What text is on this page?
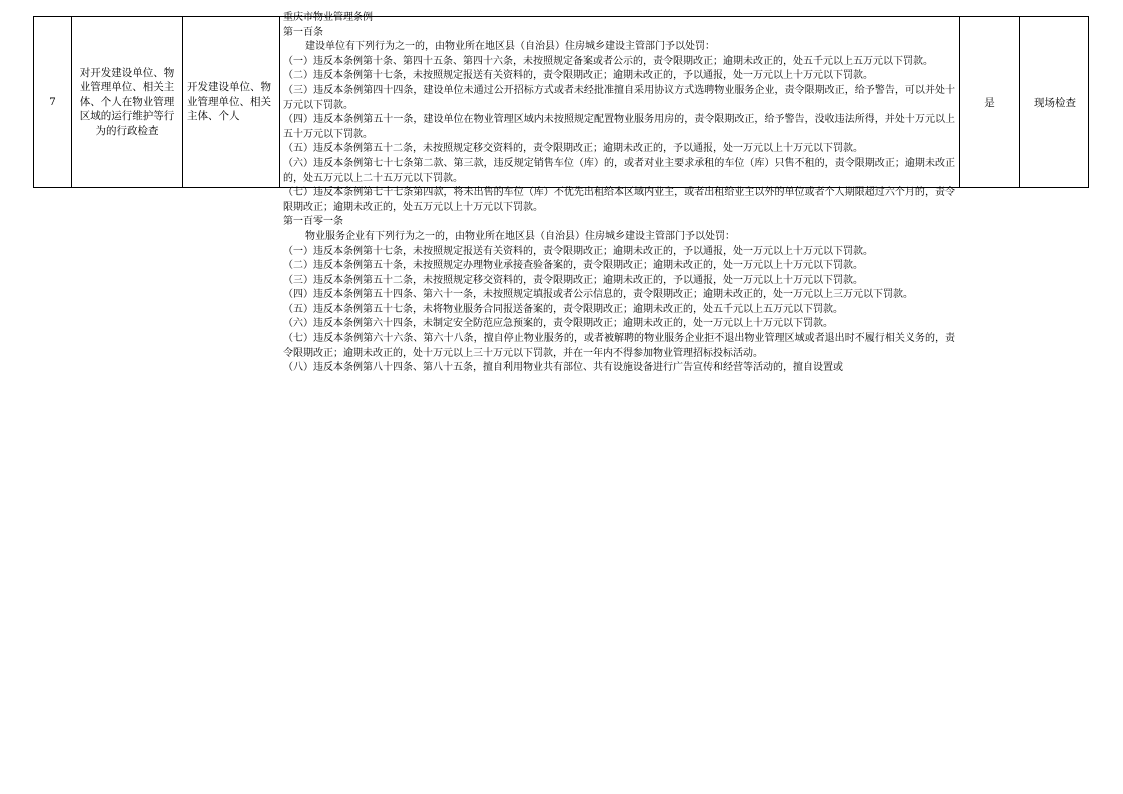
7
对开发建设单位、物业管理单位、相关主体、个人在物业管理区域的运行维护等行为的行政检查
开发建设单位、物业管理单位、相关主体、个人

重庆市物业管理条例

第一百条

　建设单位有下列行为之一的，由物业所在地区县（自治县）住房城乡建设主管部门予以处罚：

（一）违反本条例第十条、第四十五条、第四十六条，未按照规定备案或者公示的，责令限期改正；逾期未改正的，处五千元以上五万元以下罚款。

（二）违反本条例第十七条，未按照规定报送有关资料的，责令限期改正；逾期未改正的，予以通报，处一万元以上十万元以下罚款。

（三）违反本条例第四十四条，建设单位未通过公开招标方式或者未经批准擅自采用协议方式选聘物业服务企业，责令限期改正，给予警告，可以并处十万元以下罚款。

（四）违反本条例第五十一条，建设单位在物业管理区域内未按照规定配置物业服务用房的，责令限期改正，给予警告，没收违法所得，并处十万元以上五十万元以下罚款。

（五）违反本条例第五十二条，未按照规定移交资料的，责令限期改正；逾期未改正的，予以通报，处一万元以上十万元以下罚款。

（六）违反本条例第七十七条第二款、第三款，违反规定销售车位（库）的，或者对业主要求承租的车位（库）只售不租的，责令限期改正；逾期未改正的，处五万元以上二十五万元以下罚款。

（七）违反本条例第七十七条第四款，将未出售的车位（库）不优先出租给本区域内业主，或者出租给业主以外的单位或者个人期限超过六个月的，责令限期改正；逾期未改正的，处五万元以上十万元以下罚款。

第一百零一条

　物业服务企业有下列行为之一的，由物业所在地区县（自治县）住房城乡建设主管部门予以处罚：

（一）违反本条例第十七条，未按照规定报送有关资料的，责令限期改正；逾期未改正的，予以通报，处一万元以上十万元以下罚款。

（二）违反本条例第五十条，未按照规定办理物业承接查验备案的，责令限期改正；逾期未改正的，处一万元以上十万元以下罚款。

（三）违反本条例第五十二条，未按照规定移交资料的，责令限期改正；逾期未改正的，予以通报，处一万元以上十万元以下罚款。

（四）违反本条例第五十四条、第六十一条，未按照规定填报或者公示信息的，责令限期改正；逾期未改正的，处一万元以上三万元以下罚款。

（五）违反本条例第五十七条，未将物业服务合同报送备案的，责令限期改正；逾期未改正的，处五千元以上五万元以下罚款。

（六）违反本条例第六十四条，未制定安全防范应急预案的，责令限期改正；逾期未改正的，处一万元以上十万元以下罚款。

（七）违反本条例第六十六条、第六十八条，擅自停止物业服务的，或者被解聘的物业服务企业拒不退出物业管理区域或者退出时不履行相关义务的，责令限期改正；逾期未改正的，处十万元以上三十万元以下罚款，并在一年内不得参加物业管理招标投标活动。

（八）违反本条例第八十四条、第八十五条，擅自利用物业共有部位、共有设施设备进行广告宣传和经营等活动的，擅自设置或

是	现场检查
